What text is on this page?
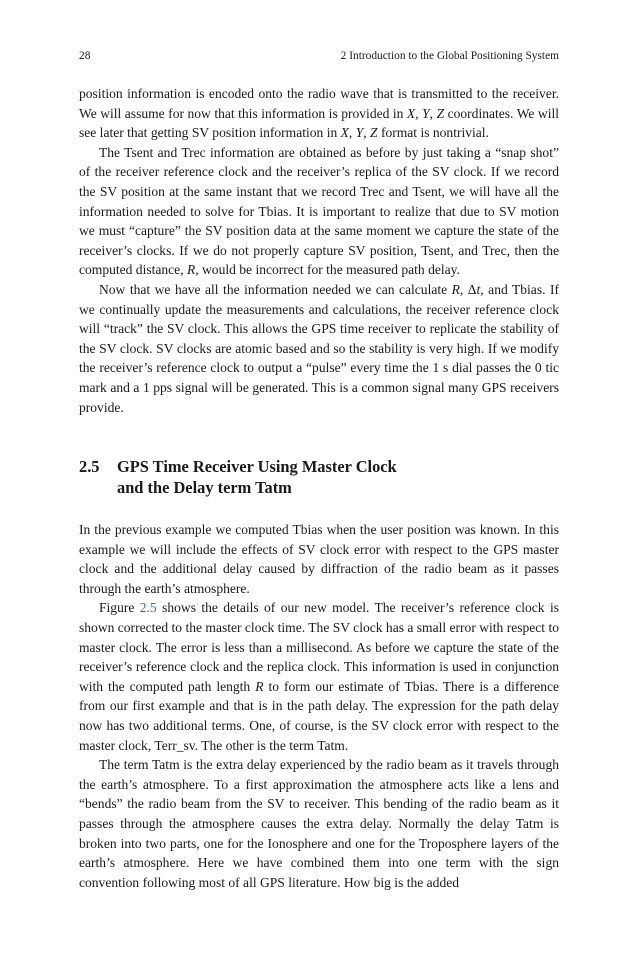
28	2 Introduction to the Global Positioning System

position information is encoded onto the radio wave that is transmitted to the receiver. We will assume for now that this information is provided in X, Y, Z coordinates. We will see later that getting SV position information in X, Y, Z format is nontrivial.

The Tsent and Trec information are obtained as before by just taking a “snap shot” of the receiver reference clock and the receiver’s replica of the SV clock. If we record the SV position at the same instant that we record Trec and Tsent, we will have all the information needed to solve for Tbias. It is important to realize that due to SV motion we must “capture” the SV position data at the same moment we capture the state of the receiver’s clocks. If we do not properly capture SV position, Tsent, and Trec, then the computed distance, R, would be incorrect for the measured path delay.

Now that we have all the information needed we can calculate R, Δt, and Tbias. If we continually update the measurements and calculations, the receiver reference clock will “track” the SV clock. This allows the GPS time receiver to replicate the stability of the SV clock. SV clocks are atomic based and so the stability is very high. If we modify the receiver’s reference clock to output a “pulse” every time the 1 s dial passes the 0 tic mark and a 1 pps signal will be generated. This is a common signal many GPS receivers provide.

2.5 GPS Time Receiver Using Master Clock
and the Delay term Tatm

In the previous example we computed Tbias when the user position was known. In this example we will include the effects of SV clock error with respect to the GPS master clock and the additional delay caused by diffraction of the radio beam as it passes through the earth’s atmosphere.

Figure 2.5 shows the details of our new model. The receiver’s reference clock is shown corrected to the master clock time. The SV clock has a small error with respect to master clock. The error is less than a millisecond. As before we capture the state of the receiver’s reference clock and the replica clock. This information is used in conjunction with the computed path length R to form our estimate of Tbias. There is a difference from our first example and that is in the path delay. The expression for the path delay now has two additional terms. One, of course, is the SV clock error with respect to the master clock, Terr_sv. The other is the term Tatm.

The term Tatm is the extra delay experienced by the radio beam as it travels through the earth’s atmosphere. To a first approximation the atmosphere acts like a lens and “bends” the radio beam from the SV to receiver. This bending of the radio beam as it passes through the atmosphere causes the extra delay. Normally the delay Tatm is broken into two parts, one for the Ionosphere and one for the Troposphere layers of the earth’s atmosphere. Here we have combined them into one term with the sign convention following most of all GPS literature. How big is the added
